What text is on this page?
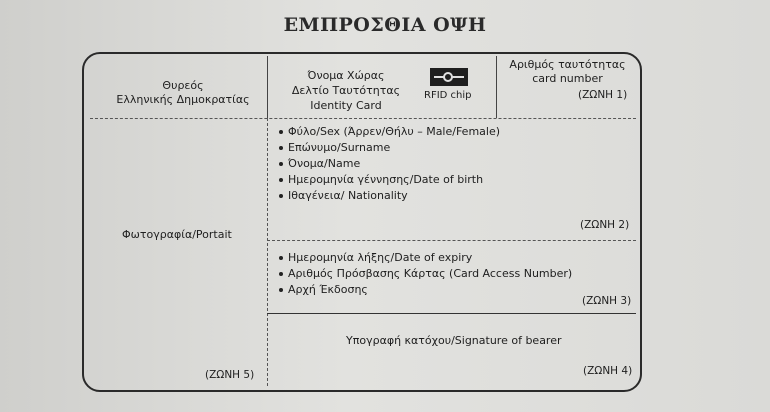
ΕΜΠΡΟΣΘΙΑ ΟΨΗ
Θυρεός
Ελληνικής Δημοκρατίας
Όνομα Χώρας
Δελτίο Ταυτότητας
Identity Card
RFID chip
Αριθμός ταυτότητας
card number
(ΖΩΝΗ 1)
Φωτογραφία/Portait
(ΖΩΝΗ 5)
Φύλο/Sex (Άρρεν/Θήλυ – Male/Female)
Επώνυμο/Surname
Όνομα/Name
Ημερομηνία γέννησης/Date of birth
Ιθαγένεια/ Nationality
(ΖΩΝΗ 2)
Ημερομηνία λήξης/Date of expiry
Αριθμός Πρόσβασης Κάρτας (Card Access Number)
Αρχή Έκδοσης
(ΖΩΝΗ 3)
Υπογραφή κατόχου/Signature of bearer
(ΖΩΝΗ 4)
